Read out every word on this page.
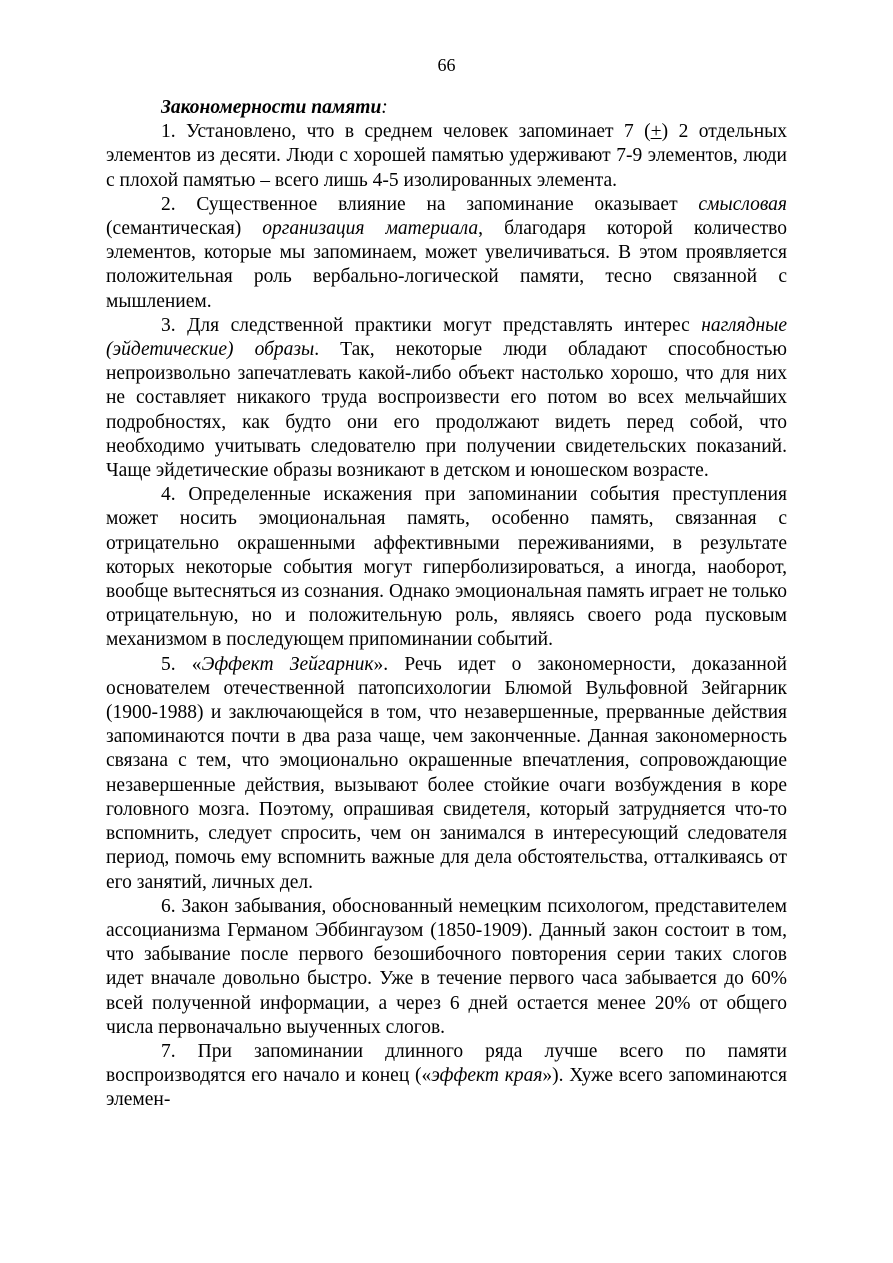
66

Закономерности памяти:

1. Установлено, что в среднем человек запоминает 7 (+) 2 отдельных элементов из десяти. Люди с хорошей памятью удерживают 7-9 элементов, люди с плохой памятью – всего лишь 4-5 изолированных элемента.

2. Существенное влияние на запоминание оказывает смысловая (семантическая) организация материала, благодаря которой количество элементов, которые мы запоминаем, может увеличиваться. В этом проявляется положительная роль вербально-логической памяти, тесно связанной с мышлением.

3. Для следственной практики могут представлять интерес наглядные (эйдетические) образы. Так, некоторые люди обладают способностью непроизвольно запечатлевать какой-либо объект настолько хорошо, что для них не составляет никакого труда воспроизвести его потом во всех мельчайших подробностях, как будто они его продолжают видеть перед собой, что необходимо учитывать следователю при получении свидетельских показаний. Чаще эйдетические образы возникают в детском и юношеском возрасте.

4. Определенные искажения при запоминании события преступления может носить эмоциональная память, особенно память, связанная с отрицательно окрашенными аффективными переживаниями, в результате которых некоторые события могут гиперболизироваться, а иногда, наоборот, вообще вытесняться из сознания. Однако эмоциональная память играет не только отрицательную, но и положительную роль, являясь своего рода пусковым механизмом в последующем припоминании событий.

5. «Эффект Зейгарник». Речь идет о закономерности, доказанной основателем отечественной патопсихологии Блюмой Вульфовной Зейгарник (1900-1988) и заключающейся в том, что незавершенные, прерванные действия запоминаются почти в два раза чаще, чем законченные. Данная закономерность связана с тем, что эмоционально окрашенные впечатления, сопровождающие незавершенные действия, вызывают более стойкие очаги возбуждения в коре головного мозга. Поэтому, опрашивая свидетеля, который затрудняется что-то вспомнить, следует спросить, чем он занимался в интересующий следователя период, помочь ему вспомнить важные для дела обстоятельства, отталкиваясь от его занятий, личных дел.

6. Закон забывания, обоснованный немецким психологом, представителем ассоцианизма Германом Эббингаузом (1850-1909). Данный закон состоит в том, что забывание после первого безошибочного повторения серии таких слогов идет вначале довольно быстро. Уже в течение первого часа забывается до 60% всей полученной информации, а через 6 дней остается менее 20% от общего числа первоначально выученных слогов.

7. При запоминании длинного ряда лучше всего по памяти воспроизводятся его начало и конец («эффект края»). Хуже всего запоминаются элемен-
